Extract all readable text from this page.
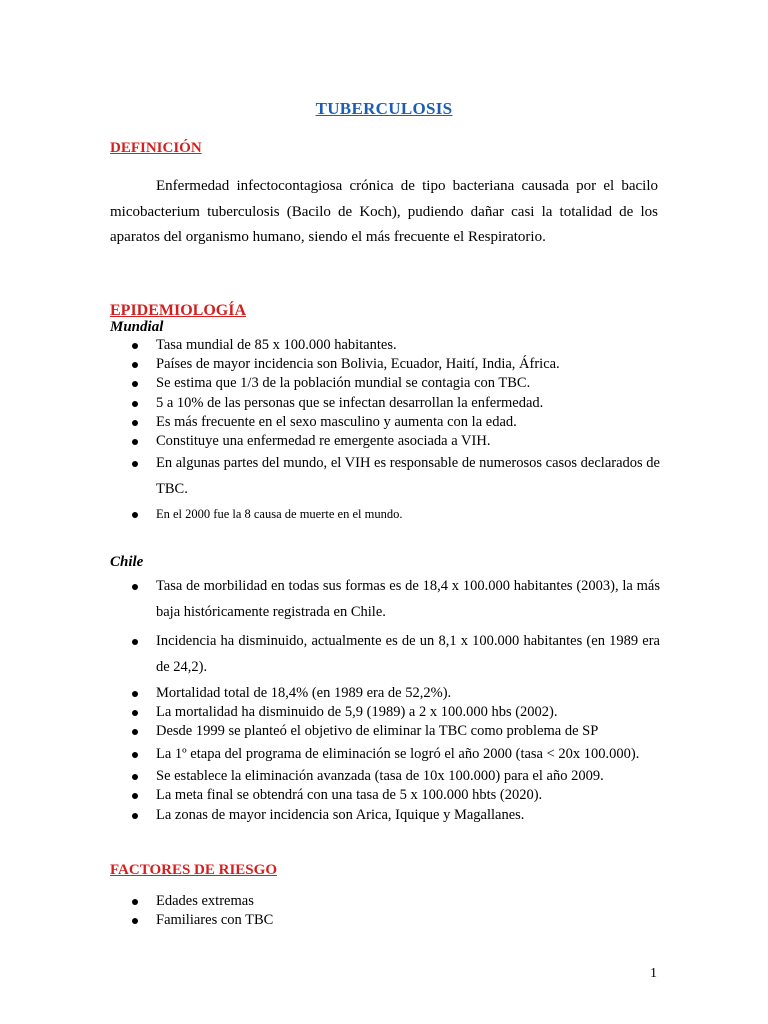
TUBERCULOSIS
DEFINICIÓN
Enfermedad infectocontagiosa crónica de tipo bacteriana causada por el bacilo micobacterium tuberculosis (Bacilo de Koch), pudiendo dañar casi la totalidad de los aparatos del organismo humano, siendo el más frecuente el Respiratorio.
EPIDEMIOLOGÍA
Mundial
Tasa mundial de 85 x 100.000 habitantes.
Países de mayor incidencia son Bolivia, Ecuador, Haití, India, África.
Se estima que 1/3 de la población mundial se contagia con TBC.
5 a 10% de las personas que se infectan desarrollan la enfermedad.
Es más frecuente en el sexo masculino y aumenta con la edad.
Constituye una enfermedad re emergente asociada a VIH.
En algunas partes del mundo, el VIH es responsable de numerosos casos declarados de TBC.
En el 2000 fue la 8 causa de muerte en el mundo.
Chile
Tasa de morbilidad en todas sus formas es de 18,4 x 100.000 habitantes (2003), la más baja históricamente registrada en Chile.
Incidencia ha disminuido, actualmente es de un 8,1 x 100.000 habitantes (en 1989 era de 24,2).
Mortalidad total de 18,4% (en 1989 era de 52,2%).
La mortalidad ha disminuido de 5,9 (1989) a 2 x 100.000 hbs (2002).
Desde 1999 se planteó el objetivo de eliminar la TBC como problema de SP
La 1º etapa del programa de eliminación se logró el año 2000 (tasa < 20x 100.000).
Se establece la eliminación avanzada (tasa de 10x 100.000) para el año 2009.
La meta final se obtendrá con una tasa de 5 x 100.000 hbts (2020).
La zonas de mayor incidencia son Arica, Iquique y Magallanes.
FACTORES DE RIESGO
Edades extremas
Familiares con TBC
1
